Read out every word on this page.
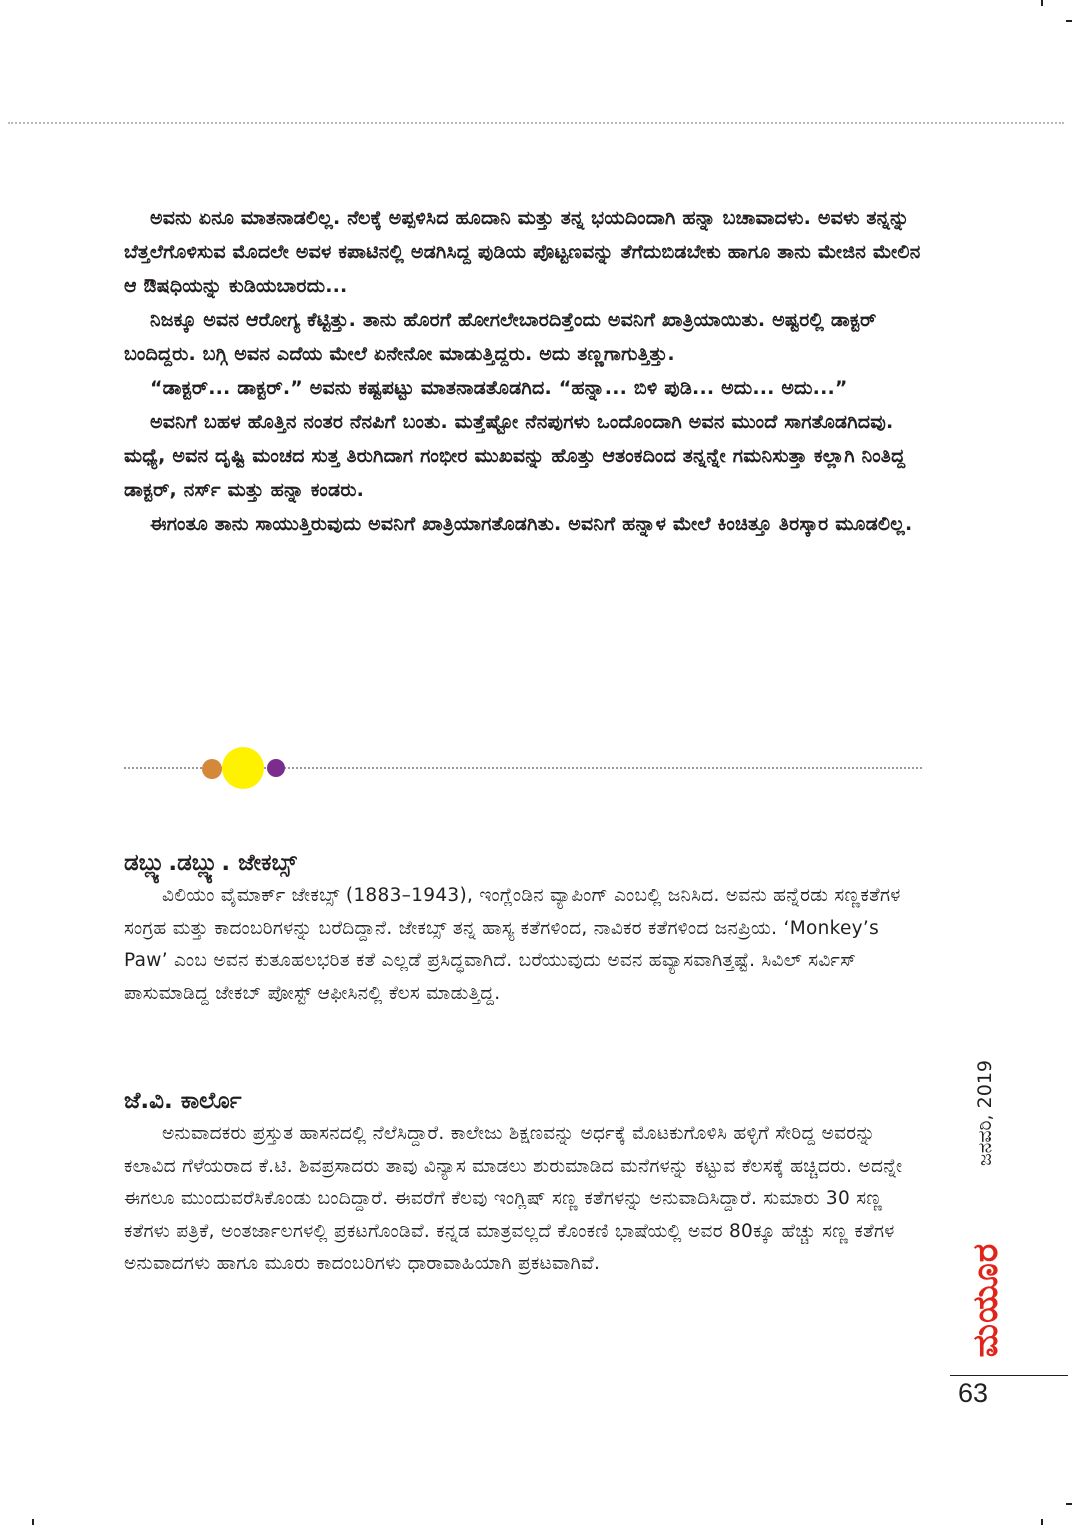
ಅವನು ಏನೂ ಮಾತನಾಡಲಿಲ್ಲ. ನೆಲಕ್ಕೆ ಅಪ್ಪಳಿಸಿದ ಹೂದಾನಿ ಮತ್ತು ತನ್ನ ಭಯದಿಂದಾಗಿ ಹನ್ನಾ ಬಚಾವಾದಳು. ಅವಳು ತನ್ನನ್ನು ಬೆತ್ತಲೆಗೊಳಿಸುವ ಮೊದಲೇ ಅವಳ ಕಪಾಟಿನಲ್ಲಿ ಅಡಗಿಸಿದ್ದ ಪುಡಿಯ ಪೊಟ್ಟಣವನ್ನು ತೆಗೆದುಬಿಡಬೇಕು ಹಾಗೂ ತಾನು ಮೇಜಿನ ಮೇಲಿನ ಆ ಔಷಧಿಯನ್ನು ಕುಡಿಯಬಾರದು...

ನಿಜಕ್ಕೂ ಅವನ ಆರೋಗ್ಯ ಕೆಟ್ಟಿತ್ತು. ತಾನು ಹೊರಗೆ ಹೋಗಲೇಬಾರದಿತ್ತೆಂದು ಅವನಿಗೆ ಖಾತ್ರಿಯಾಯಿತು. ಅಷ್ಟರಲ್ಲಿ ಡಾಕ್ಟರ್ ಬಂದಿದ್ದರು. ಬಗ್ಗಿ ಅವನ ಎದೆಯ ಮೇಲೆ ಏನೇನೋ ಮಾಡುತ್ತಿದ್ದರು. ಅದು ತಣ್ಣಗಾಗುತ್ತಿತ್ತು.

“ಡಾಕ್ಟರ್... ಡಾಕ್ಟರ್.” ಅವನು ಕಷ್ಟಪಟ್ಟು ಮಾತನಾಡತೊಡಗಿದ. “ಹನ್ನಾ... ಬಿಳಿ ಪುಡಿ... ಅದು... ಅದು...”

ಅವನಿಗೆ ಬಹಳ ಹೊತ್ತಿನ ನಂತರ ನೆನಪಿಗೆ ಬಂತು. ಮತ್ತೆಷ್ಟೋ ನೆನಪುಗಳು ಒಂದೊಂದಾಗಿ ಅವನ ಮುಂದೆ ಸಾಗತೊಡಗಿದವು. ಮಧ್ಯೆ, ಅವನ ದೃಷ್ಟಿ ಮಂಚದ ಸುತ್ತ ತಿರುಗಿದಾಗ ಗಂಭೀರ ಮುಖವನ್ನು ಹೊತ್ತು ಆತಂಕದಿಂದ ತನ್ನನ್ನೇ ಗಮನಿಸುತ್ತಾ ಕಲ್ಲಾಗಿ ನಿಂತಿದ್ದ ಡಾಕ್ಟರ್, ನರ್ಸ್ ಮತ್ತು ಹನ್ನಾ ಕಂಡರು.

ಈಗಂತೂ ತಾನು ಸಾಯುತ್ತಿರುವುದು ಅವನಿಗೆ ಖಾತ್ರಿಯಾಗತೊಡಗಿತು. ಅವನಿಗೆ ಹನ್ನಾಳ ಮೇಲೆ ಕಿಂಚಿತ್ತೂ ತಿರಸ್ಕಾರ ಮೂಡಲಿಲ್ಲ.

ಡಬ್ಲ್ಯು.ಡಬ್ಲ್ಯು. ಜೇಕಬ್ಸ್

ವಿಲಿಯಂ ವೈಮಾರ್ಕ್ ಜೇಕಬ್ಸ್ (1883–1943), ಇಂಗ್ಲೆಂಡಿನ ವ್ಯಾಪಿಂಗ್ ಎಂಬಲ್ಲಿ ಜನಿಸಿದ. ಅವನು ಹನ್ನೆರಡು ಸಣ್ಣಕತೆಗಳ ಸಂಗ್ರಹ ಮತ್ತು ಕಾದಂಬರಿಗಳನ್ನು ಬರೆದಿದ್ದಾನೆ. ಜೇಕಬ್ಸ್ ತನ್ನ ಹಾಸ್ಯ ಕತೆಗಳಿಂದ, ನಾವಿಕರ ಕತೆಗಳಿಂದ ಜನಪ್ರಿಯ. ‘Monkey’s Paw’ ಎಂಬ ಅವನ ಕುತೂಹಲಭರಿತ ಕತೆ ಎಲ್ಲಡೆ ಪ್ರಸಿದ್ಧವಾಗಿದೆ. ಬರೆಯುವುದು ಅವನ ಹವ್ಯಾಸವಾಗಿತ್ತಷ್ಟೆ. ಸಿವಿಲ್ ಸರ್ವಿಸ್ ಪಾಸುಮಾಡಿದ್ದ ಜೇಕಬ್ ಪೋಸ್ಟ್ ಆಫೀಸಿನಲ್ಲಿ ಕೆಲಸ ಮಾಡುತ್ತಿದ್ದ.

ಜೆ.ವಿ. ಕಾರ್ಲೊ

ಅನುವಾದಕರು ಪ್ರಸ್ತುತ ಹಾಸನದಲ್ಲಿ ನೆಲೆಸಿದ್ದಾರೆ. ಕಾಲೇಜು ಶಿಕ್ಷಣವನ್ನು ಅರ್ಧಕ್ಕೆ ಮೊಟಕುಗೊಳಿಸಿ ಹಳ್ಳಿಗೆ ಸೇರಿದ್ದ ಅವರನ್ನು ಕಲಾವಿದ ಗೆಳೆಯರಾದ ಕೆ.ಟಿ. ಶಿವಪ್ರಸಾದರು ತಾವು ವಿನ್ಯಾಸ ಮಾಡಲು ಶುರುಮಾಡಿದ ಮನೆಗಳನ್ನು ಕಟ್ಟುವ ಕೆಲಸಕ್ಕೆ ಹಚ್ಚಿದರು. ಅದನ್ನೇ ಈಗಲೂ ಮುಂದುವರೆಸಿಕೊಂಡು ಬಂದಿದ್ದಾರೆ. ಈವರೆಗೆ ಕೆಲವು ಇಂಗ್ಲಿಷ್ ಸಣ್ಣ ಕತೆಗಳನ್ನು ಅನುವಾದಿಸಿದ್ದಾರೆ. ಸುಮಾರು 30 ಸಣ್ಣ ಕತೆಗಳು ಪತ್ರಿಕೆ, ಅಂತರ್ಜಾಲಗಳಲ್ಲಿ ಪ್ರಕಟಗೊಂಡಿವೆ. ಕನ್ನಡ ಮಾತ್ರವಲ್ಲದೆ ಕೊಂಕಣಿ ಭಾಷೆಯಲ್ಲಿ ಅವರ 80ಕ್ಕೂ ಹೆಚ್ಚು ಸಣ್ಣ ಕತೆಗಳ ಅನುವಾದಗಳು ಹಾಗೂ ಮೂರು ಕಾದಂಬರಿಗಳು ಧಾರಾವಾಹಿಯಾಗಿ ಪ್ರಕಟವಾಗಿವೆ.

ಜನವರಿ, 2019
ಮಯೂರ
63
